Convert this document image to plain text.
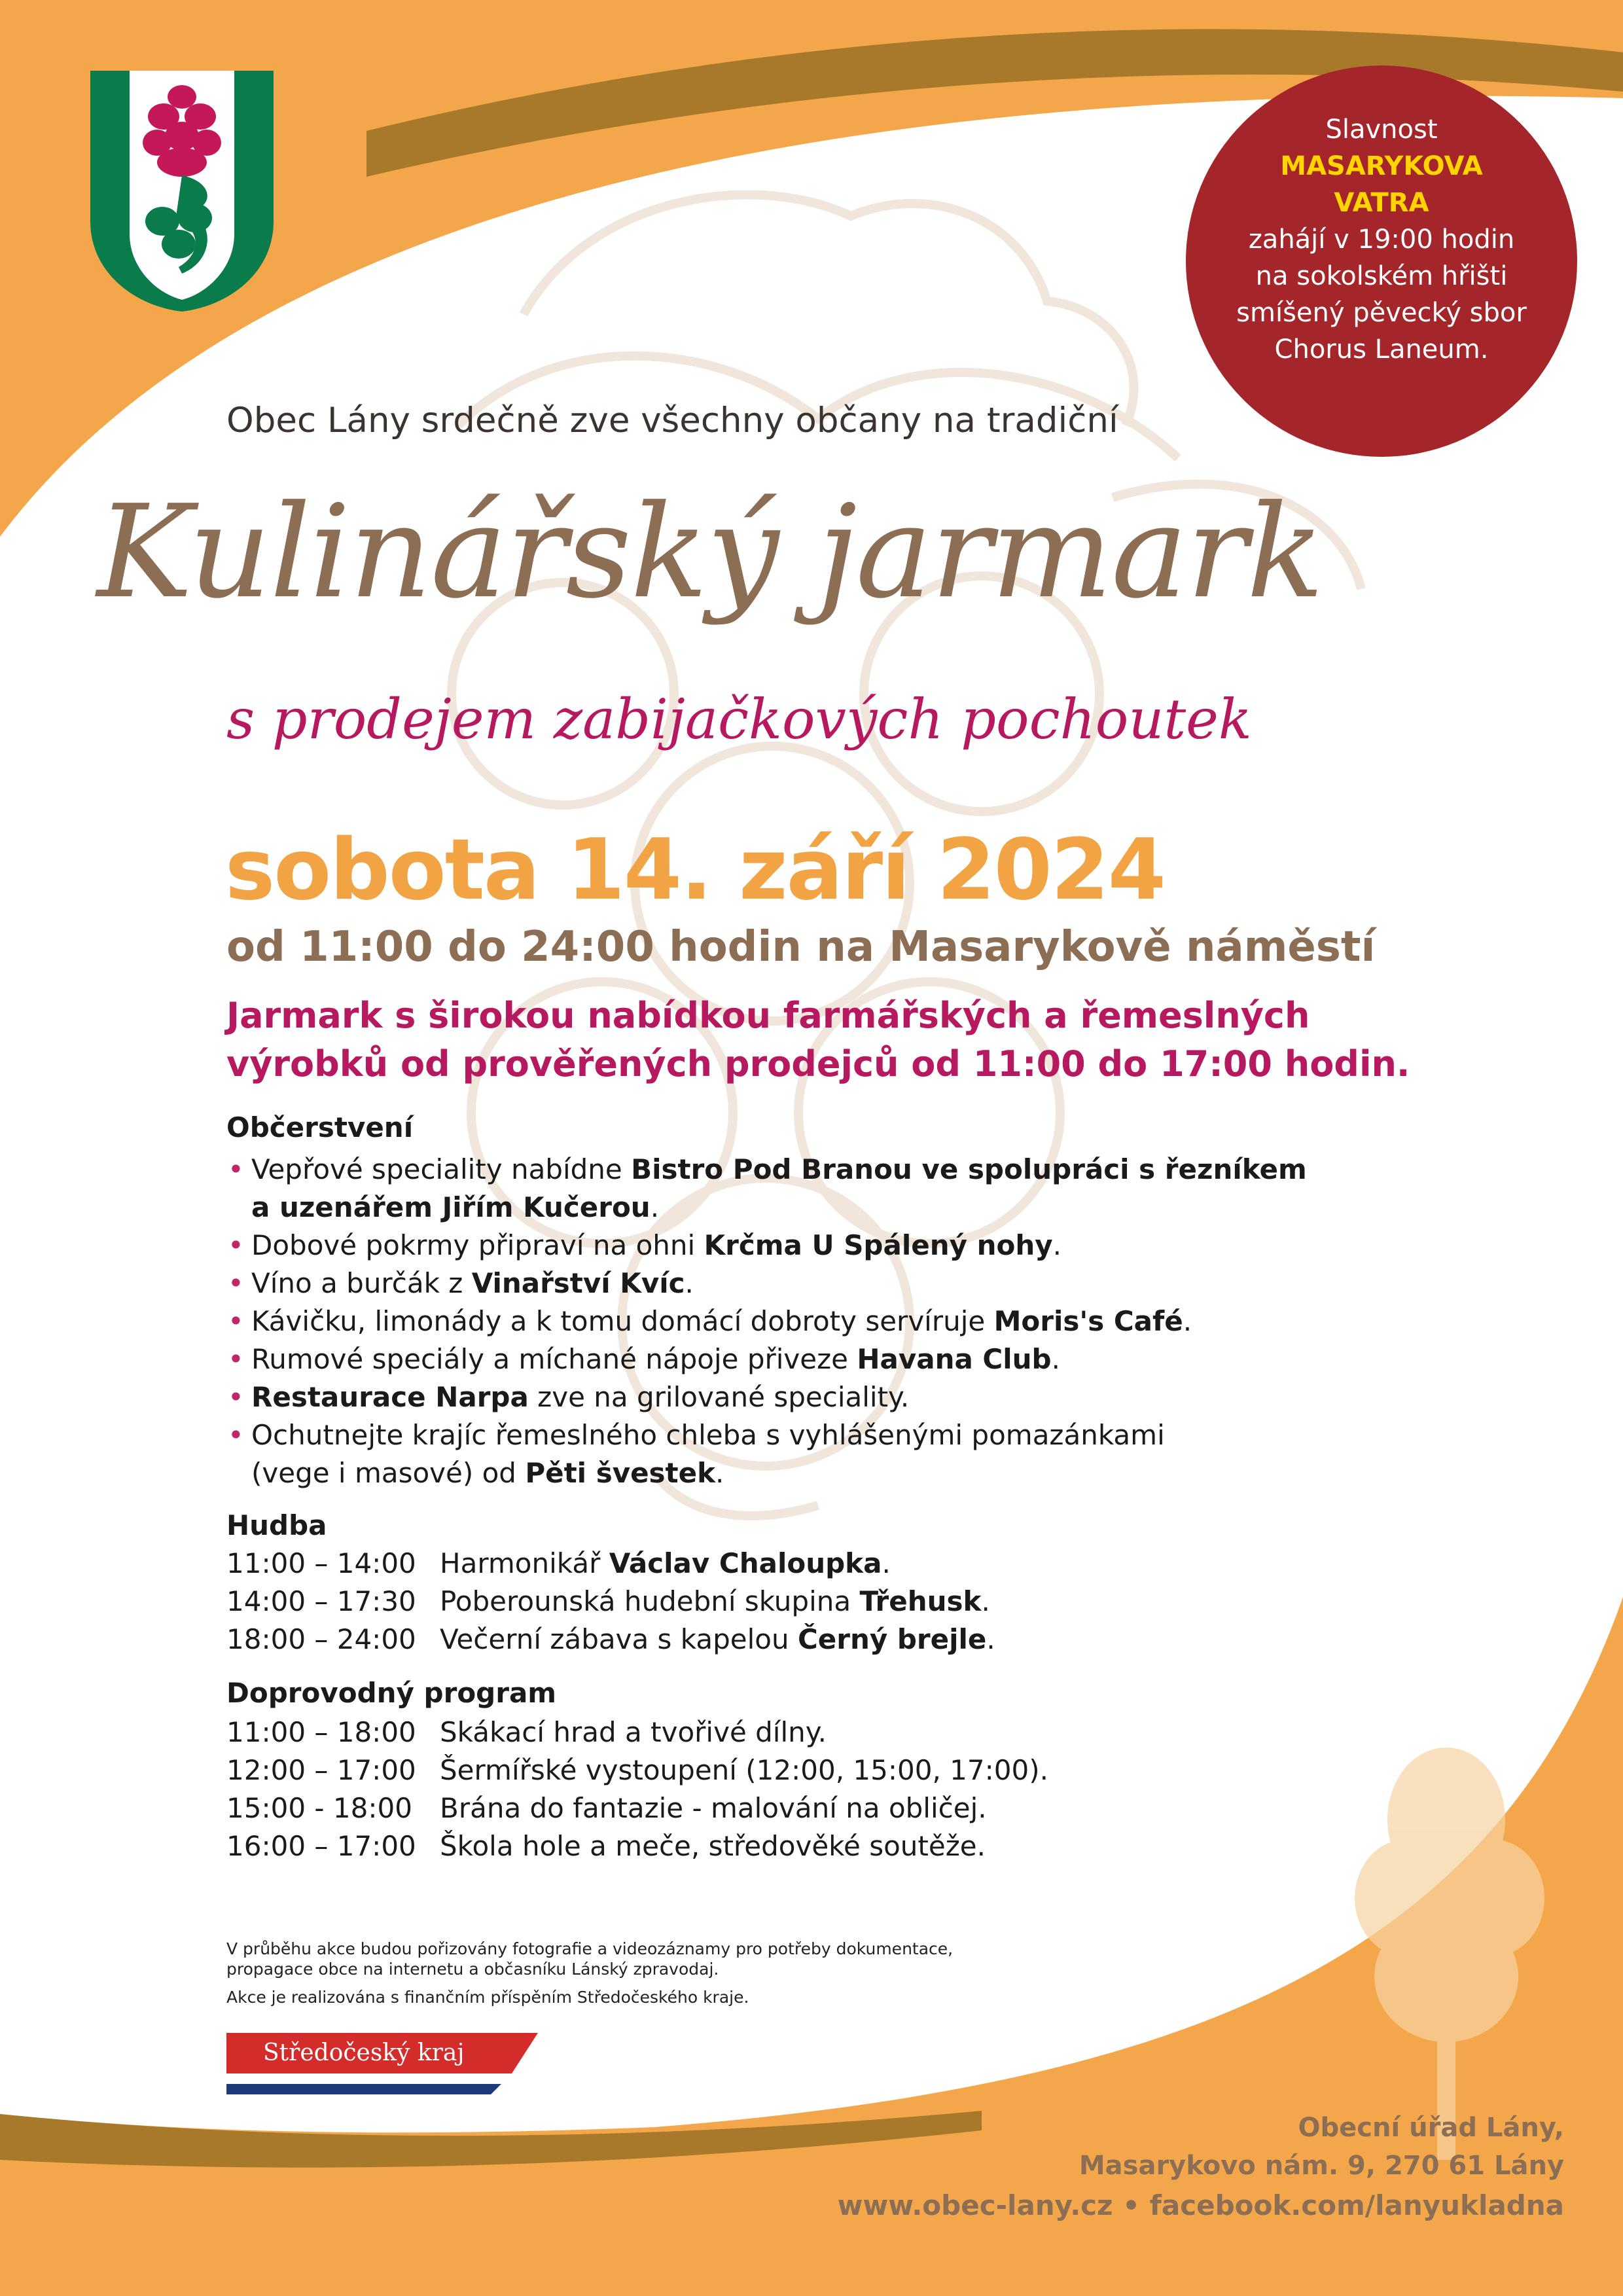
Slavnost
MASARYKOVA
VATRA
zahájí v 19:00 hodin
na sokolském hřišti
smíšený pěvecký sbor
Chorus Laneum.
Obec Lány srdečně zve všechny občany na tradiční
Kulinářský jarmark
s prodejem zabijačkových pochoutek
sobota 14. září 2024
od 11:00 do 24:00 hodin na Masarykově náměstí
Jarmark s širokou nabídkou farmářských a řemeslných
výrobků od prověřených prodejců od 11:00 do 17:00 hodin.
Občerstvení
• Vepřové speciality nabídne Bistro Pod Branou ve spolupráci s řezníkem
a uzenářem Jiřím Kučerou.
• Dobové pokrmy připraví na ohni Krčma U Spálený nohy.
• Víno a burčák z Vinařství Kvíc.
• Kávičku, limonády a k tomu domácí dobroty servíruje Moris's Café.
• Rumové speciály a míchané nápoje přiveze Havana Club.
• Restaurace Narpa zve na grilované speciality.
• Ochutnejte krajíc řemeslného chleba s vyhlášenými pomazánkami
(vege i masové) od Pěti švestek.
Hudba
11:00 – 14:00 Harmonikář Václav Chaloupka.
14:00 – 17:30 Poberounská hudební skupina Třehusk.
18:00 – 24:00 Večerní zábava s kapelou Černý brejle.
Doprovodný program
11:00 – 18:00 Skákací hrad a tvořivé dílny.
12:00 – 17:00 Šermířské vystoupení (12:00, 15:00, 17:00).
15:00 - 18:00 Brána do fantazie - malování na obličej.
16:00 – 17:00 Škola hole a meče, středověké soutěže.
V průběhu akce budou pořizovány fotografie a videozáznamy pro potřeby dokumentace,
propagace obce na internetu a občasníku Lánský zpravodaj.
Akce je realizována s finančním příspěním Středočeského kraje.
Středočeský kraj
Obecní úřad Lány,
Masarykovo nám. 9, 270 61 Lány
www.obec-lany.cz • facebook.com/lanyukladna
